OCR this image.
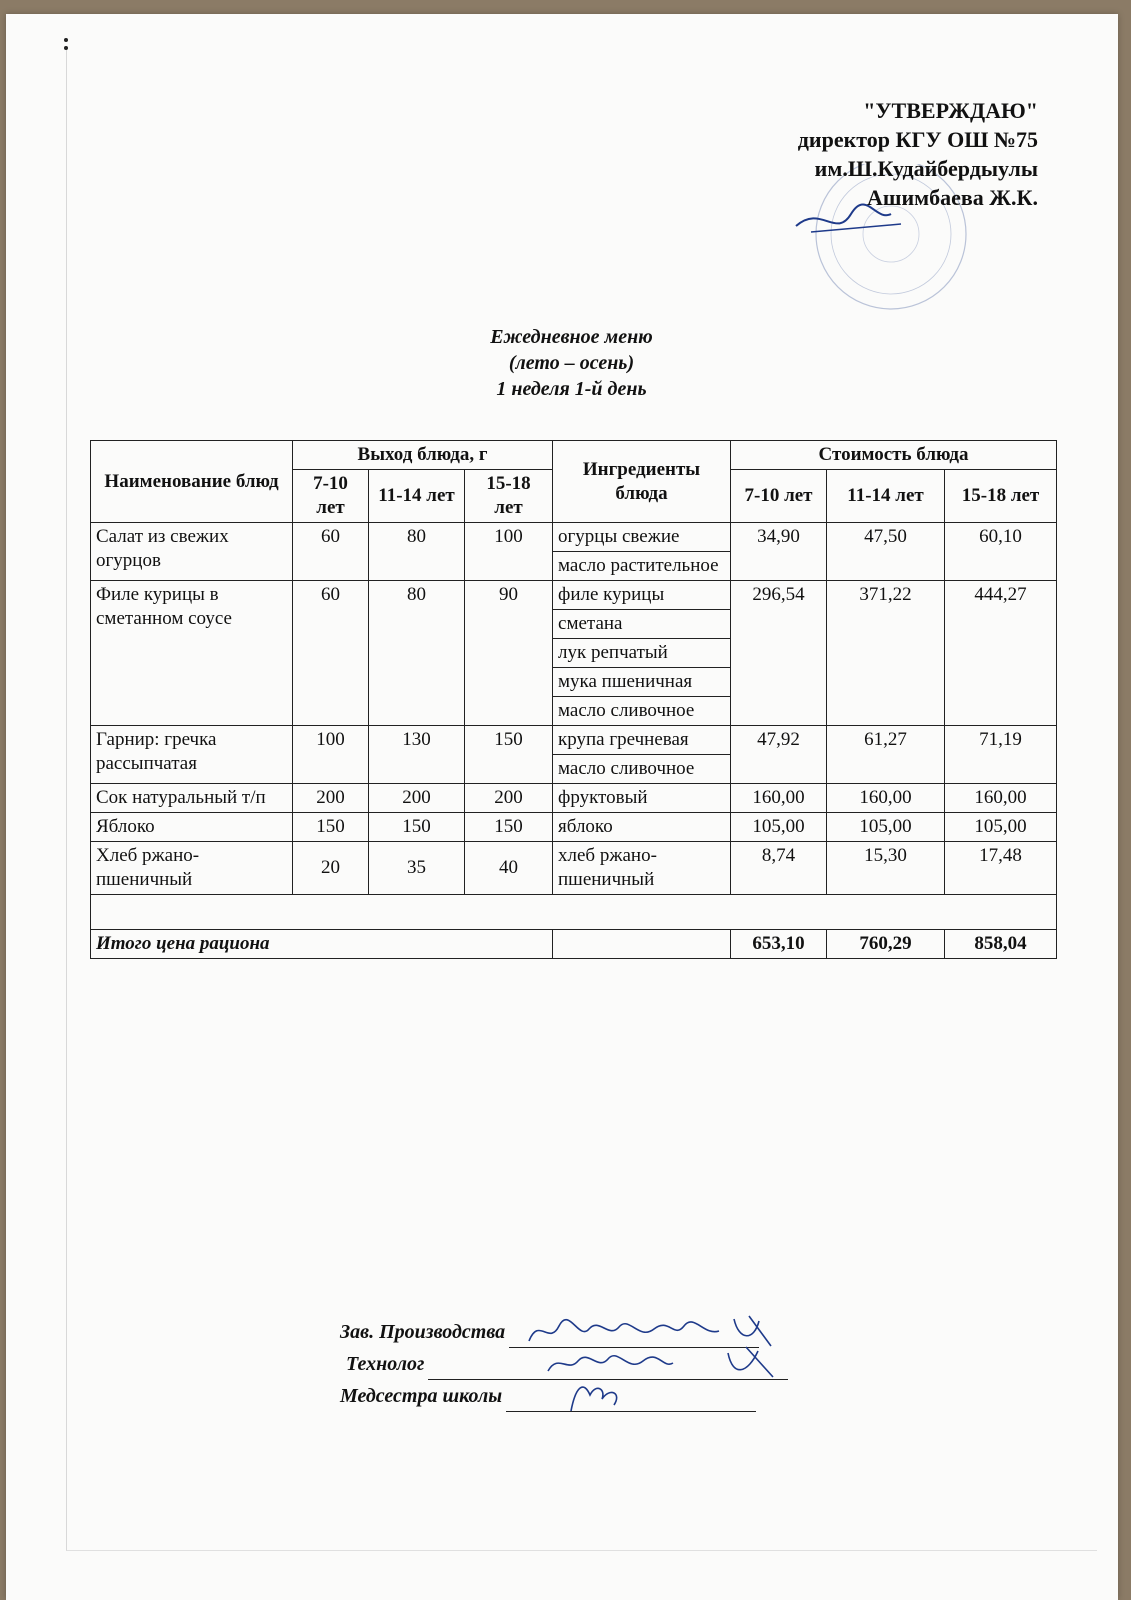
"УТВЕРЖДАЮ"
директор КГУ ОШ №75
им.Ш.Кудайбердыулы
Ашимбаева Ж.К.
Ежедневное меню
(лето – осень)
1 неделя 1-й день
Наименование блюд	Выход блюда, г			Ингредиенты блюда	Стоимость блюда		
	7-10 лет	11-14 лет	15-18 лет		7-10 лет	11-14 лет	15-18 лет
Салат из свежих огурцов	60	80	100	огурцы свежие	34,90	47,50	60,10
				масло растительное			
Филе курицы в сметанном соусе	60	80	90	филе курицы	296,54	371,22	444,27
				сметана			
				лук репчатый			
				мука пшеничная			
				масло сливочное			
Гарнир: гречка рассыпчатая	100	130	150	крупа гречневая	47,92	61,27	71,19
				масло сливочное			
Сок натуральный т/п	200	200	200	фруктовый	160,00	160,00	160,00
Яблоко	150	150	150	яблоко	105,00	105,00	105,00
Хлеб ржано-пшеничный	20	35	40	хлеб ржано-пшеничный	8,74	15,30	17,48

Итого цена рациона					653,10	760,29	858,04
Зав. Производства
Технолог
Медсестра школы
